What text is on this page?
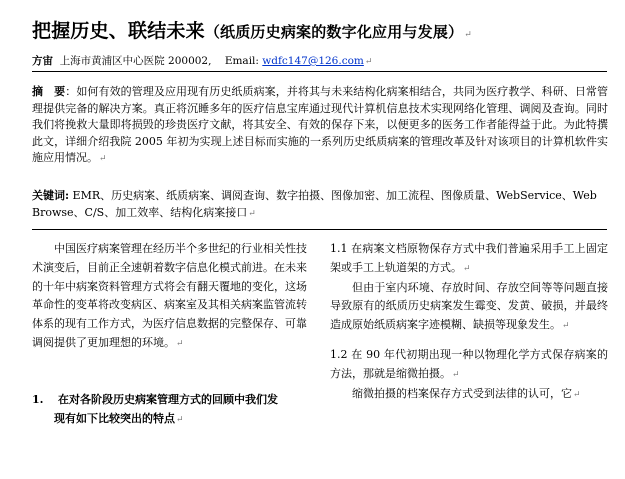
把握历史、联结未来（纸质历史病案的数字化应用与发展）↵
方宙 上海市黄浦区中心医院 200002, Email: wdfc147@126.com↵
摘　要：如何有效的管理及应用现有历史纸质病案，并将其与未来结构化病案相结合，共同为医疗教学、科研、日常管理提供完备的解决方案。真正将沉睡多年的医疗信息宝库通过现代计算机信息技术实现网络化管理、调阅及查询。同时我们将挽救大量即将损毁的珍贵医疗文献，将其安全、有效的保存下来，以便更多的医务工作者能得益于此。为此特撰此文，详细介绍我院 2005 年初为实现上述目标而实施的一系列历史纸质病案的管理改革及针对该项目的计算机软件实施应用情况。↵
关键词: EMR、历史病案、纸质病案、调阅查询、数字拍摄、图像加密、加工流程、图像质量、WebService、Web Browse、C/S、加工效率、结构化病案接口↵

中国医疗病案管理在经历半个多世纪的行业相关性技术演变后，目前正全速朝着数字信息化模式前进。在未来的十年中病案资料管理方式将会有翻天覆地的变化，这场革命性的变革将改变病区、病案室及其相关病案监管流转体系的现有工作方式，为医疗信息数据的完整保存、可靠调阅提供了更加理想的环境。↵

1. 在对各阶段历史病案管理方式的回顾中我们发
现有如下比较突出的特点↵

1.1 在病案文档原物保存方式中我们普遍采用手工上固定架或手工上轨道架的方式。↵

但由于室内环境、存放时间、存放空间等等问题直接导致原有的纸质历史病案发生霉变、发黄、破损，并最终造成原始纸质病案字迹模糊、缺损等现象发生。↵

1.2 在 90 年代初期出现一种以物理化学方式保存病案的方法，那就是缩微拍摄。↵

缩微拍摄的档案保存方式受到法律的认可，它↵
